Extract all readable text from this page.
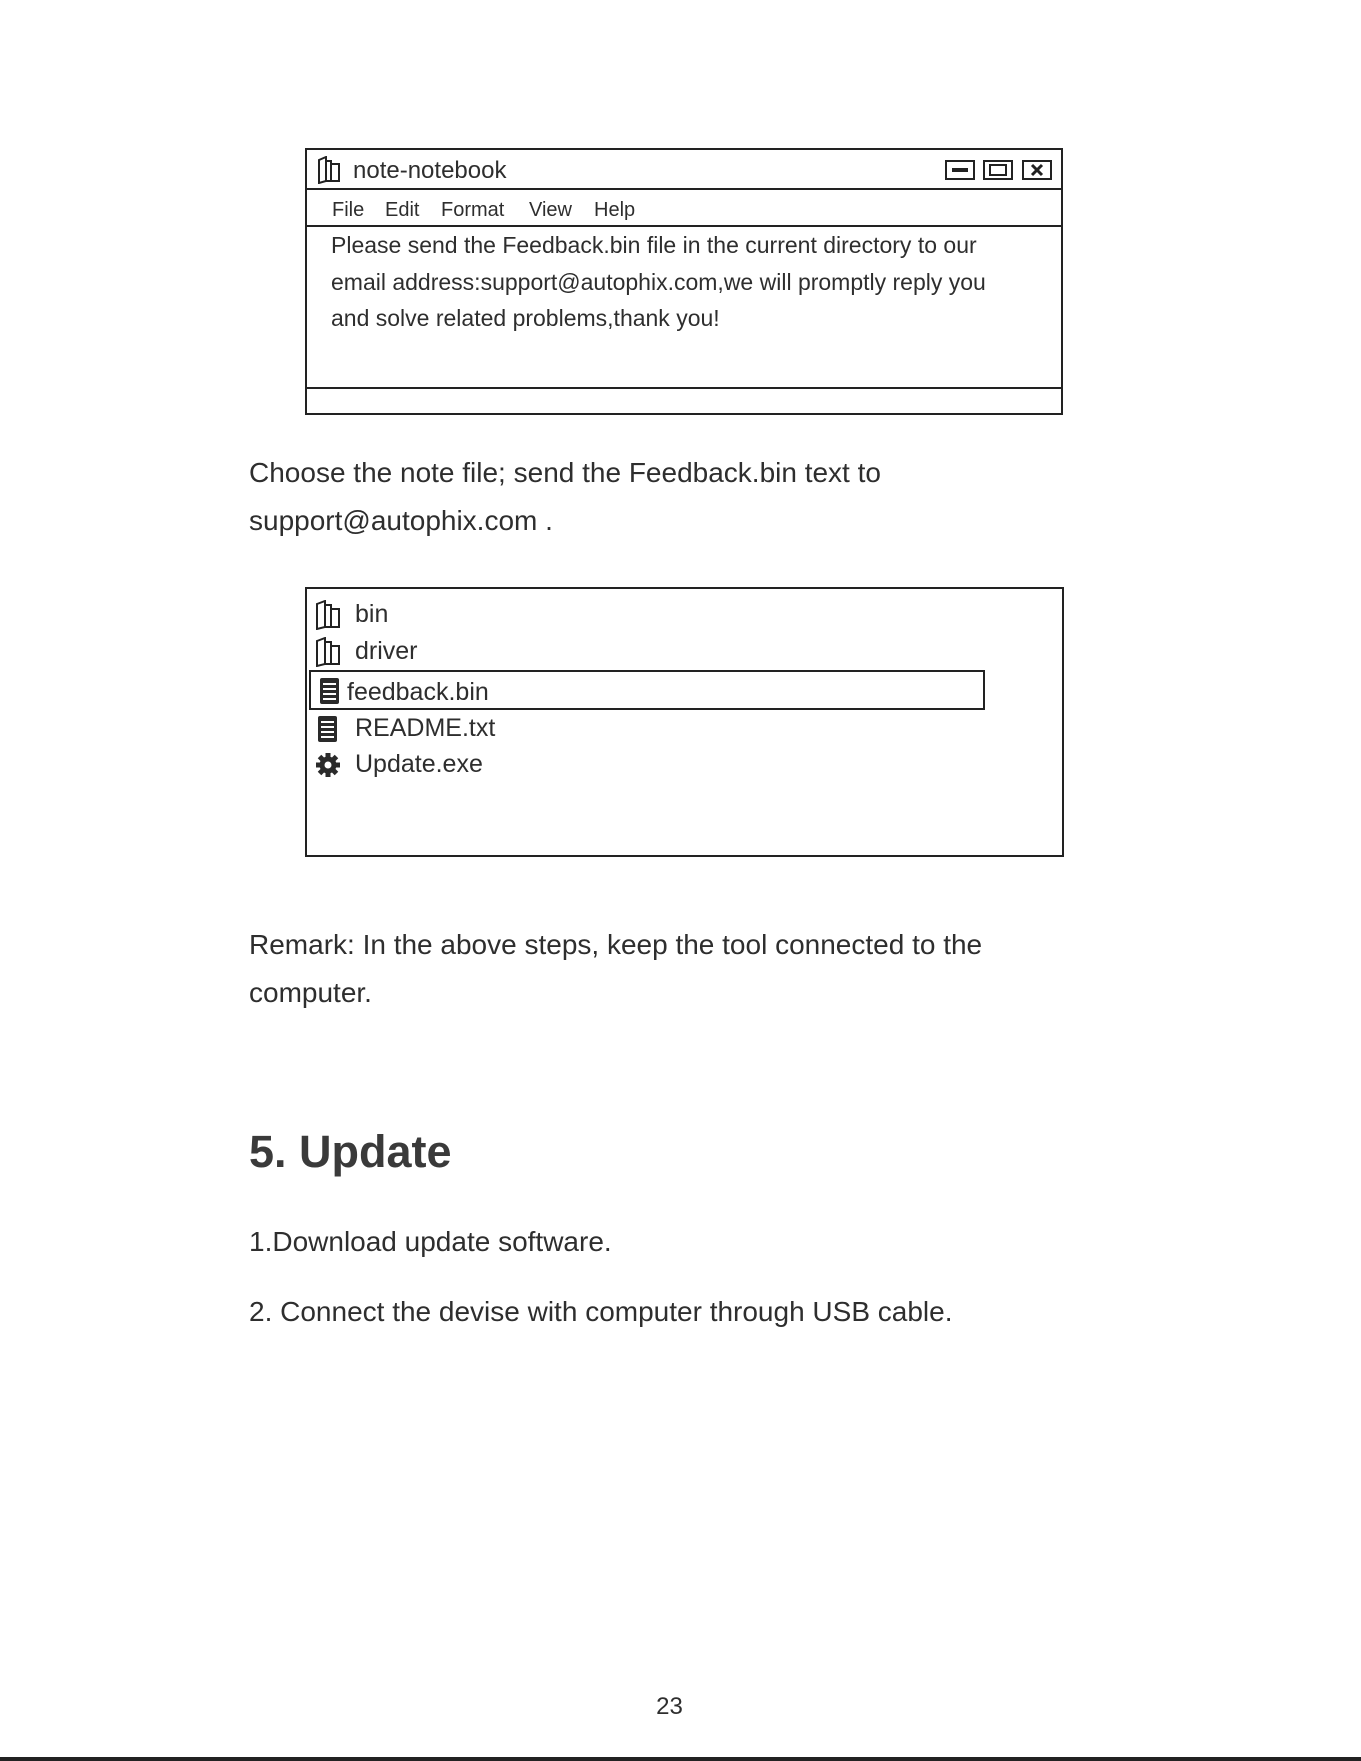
note-notebook
File Edit Format View Help
Please send the Feedback.bin file in the current directory to our
email address:support@autophix.com,we will promptly reply you
and solve related problems,thank you!
Choose the note file; send the Feedback.bin text to
support@autophix.com .
bin
driver
feedback.bin
README.txt
Update.exe
Remark: In the above steps, keep the tool connected to the
computer.
5. Update
1.Download update software.
2. Connect the devise with computer through USB cable.
23
